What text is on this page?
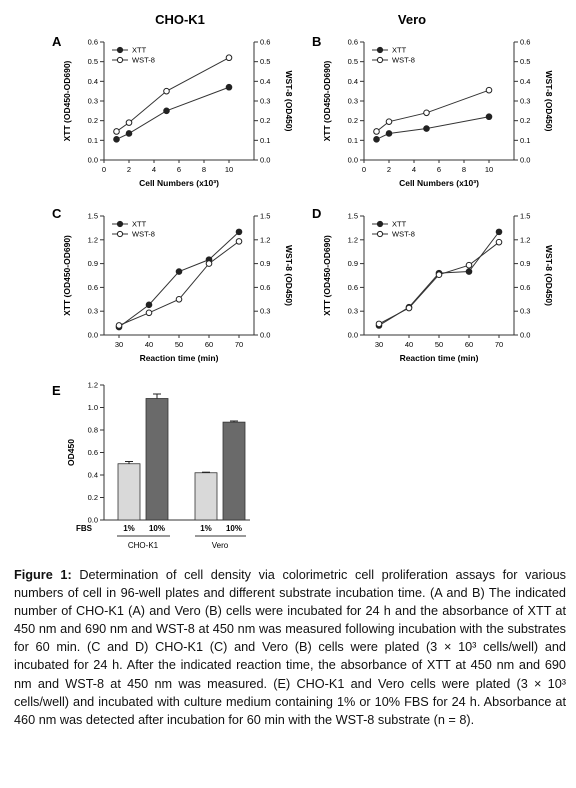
CHO-K1	Vero
A
0.0	0.0
0.1	0.1
0.2	0.2
0.3	0.3
0.4	0.4
0.5	0.5
0.6	0.6
0	2	4	6	8 10
Cell Numbers (x10³)
XTT (OD450-OD690)	WST-8 (OD450)
XTT
WST-8
B
0.0	0.0
0.1	0.1
0.2	0.2
0.3	0.3
0.4	0.4
0.5	0.5
0.6	0.6
0	2	4	6	8 10
Cell Numbers (x10³)
XTT (OD450-OD690)	WST-8 (OD450)
XTT
WST-8
C
0.0	0.0
0.3	0.3
0.6	0.6
0.9	0.9
1.2	1.2
1.5	1.5
30	40	50	60	70
Reaction time (min)
XTT (OD450-OD690)	WST-8 (OD450)
XTT
WST-8
D
0.0	0.0
0.3	0.3
0.6	0.6
0.9	0.9
1.2	1.2
1.5	1.5
30	40	50	60	70
Reaction time (min)
XTT (OD450-OD690)	WST-8 (OD450)
XTT
WST-8
E
0.0
0.2
0.4
0.6
0.8
1.0
1.2
OD450
1% 10%	1% 10%
FBS
CHO-K1	Vero
Figure 1: Determination of cell density via colorimetric cell proliferation assays for various numbers of cell in 96-well plates and different substrate incubation time. (A and B) The indicated number of CHO-K1 (A) and Vero (B) cells were incubated for 24 h and the absorbance of XTT at 450 nm and 690 nm and WST-8 at 450 nm was measured following incubation with the substrates for 60 min. (C and D) CHO-K1 (C) and Vero (B) cells were plated (3 × 10³ cells/well) and incubated for 24 h. After the indicated reaction time, the absorbance of XTT at 450 nm and 690 nm and WST-8 at 450 nm was measured. (E) CHO-K1 and Vero cells were plated (3 × 10³ cells/well) and incubated with culture medium containing 1% or 10% FBS for 24 h. Absorbance at 460 nm was detected after incubation for 60 min with the WST-8 substrate (n = 8).
